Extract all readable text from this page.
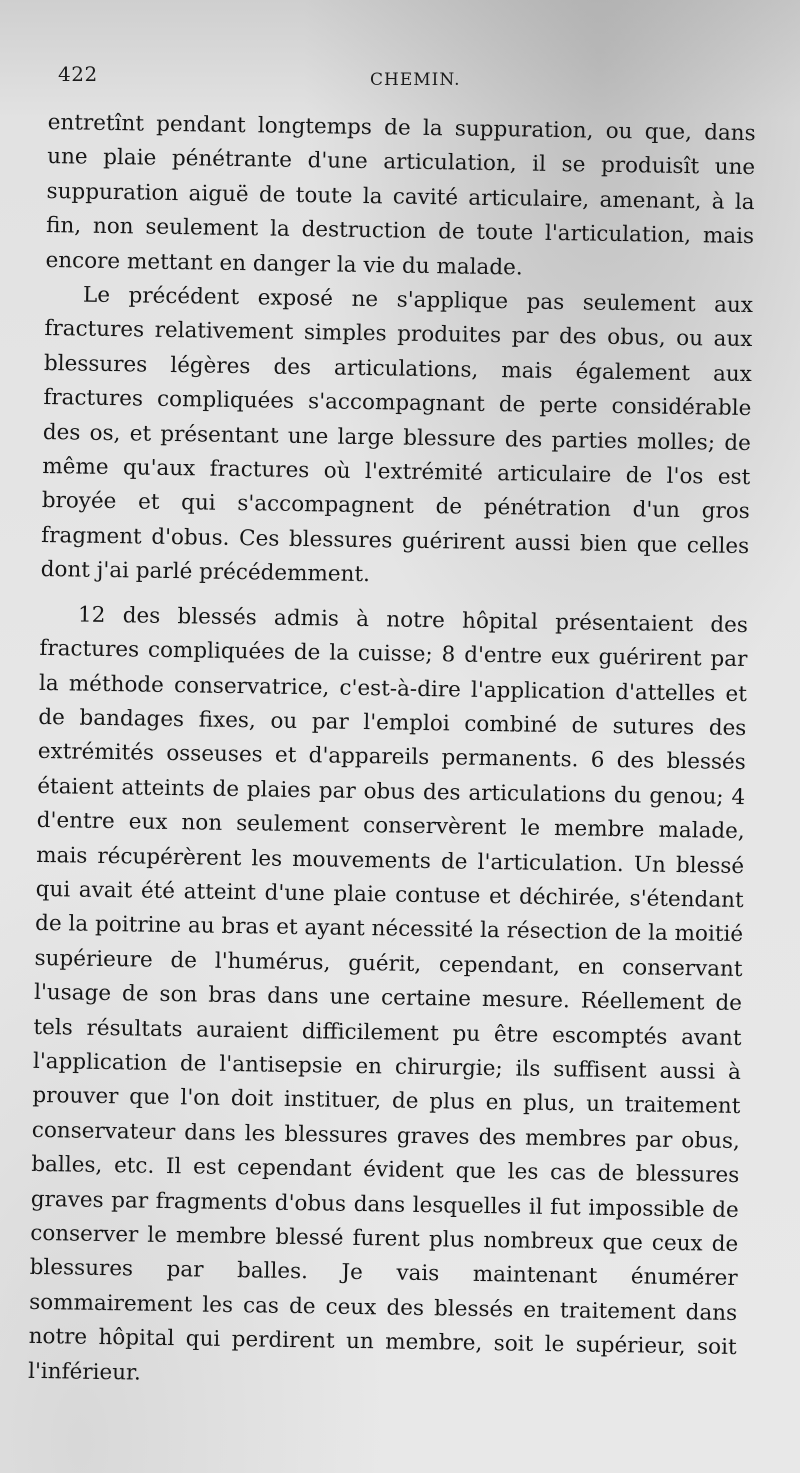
422	CHEMIN.

entretînt pendant longtemps de la suppuration, ou que, dans une plaie pénétrante d'une articulation, il se produisît une suppuration aiguë de toute la cavité articulaire, amenant, à la fin, non seulement la destruction de toute l'articulation, mais encore mettant en danger la vie du malade.

Le précédent exposé ne s'applique pas seulement aux fractures relativement simples produites par des obus, ou aux blessures légères des articulations, mais également aux fractures compliquées s'accompagnant de perte considérable des os, et présentant une large blessure des parties molles; de même qu'aux fractures où l'extrémité articulaire de l'os est broyée et qui s'accompagnent de pénétration d'un gros fragment d'obus. Ces blessures guérirent aussi bien que celles dont j'ai parlé précédemment.

12 des blessés admis à notre hôpital présentaient des fractures compliquées de la cuisse; 8 d'entre eux guérirent par la méthode conservatrice, c'est-à-dire l'application d'attelles et de bandages fixes, ou par l'emploi combiné de sutures des extrémités osseuses et d'appareils permanents. 6 des blessés étaient atteints de plaies par obus des articulations du genou; 4 d'entre eux non seulement conservèrent le membre malade, mais récupérèrent les mouvements de l'articulation. Un blessé qui avait été atteint d'une plaie contuse et déchirée, s'étendant de la poitrine au bras et ayant nécessité la résection de la moitié supérieure de l'humérus, guérit, cependant, en conservant l'usage de son bras dans une certaine mesure. Réellement de tels résultats auraient difficilement pu être escomptés avant l'application de l'antisepsie en chirurgie; ils suffisent aussi à prouver que l'on doit instituer, de plus en plus, un traitement conservateur dans les blessures graves des membres par obus, balles, etc. Il est cependant évident que les cas de blessures graves par fragments d'obus dans lesquelles il fut impossible de conserver le membre blessé furent plus nombreux que ceux de blessures par balles. Je vais maintenant énumérer sommairement les cas de ceux des blessés en traitement dans notre hôpital qui perdirent un membre, soit le supérieur, soit l'inférieur.
